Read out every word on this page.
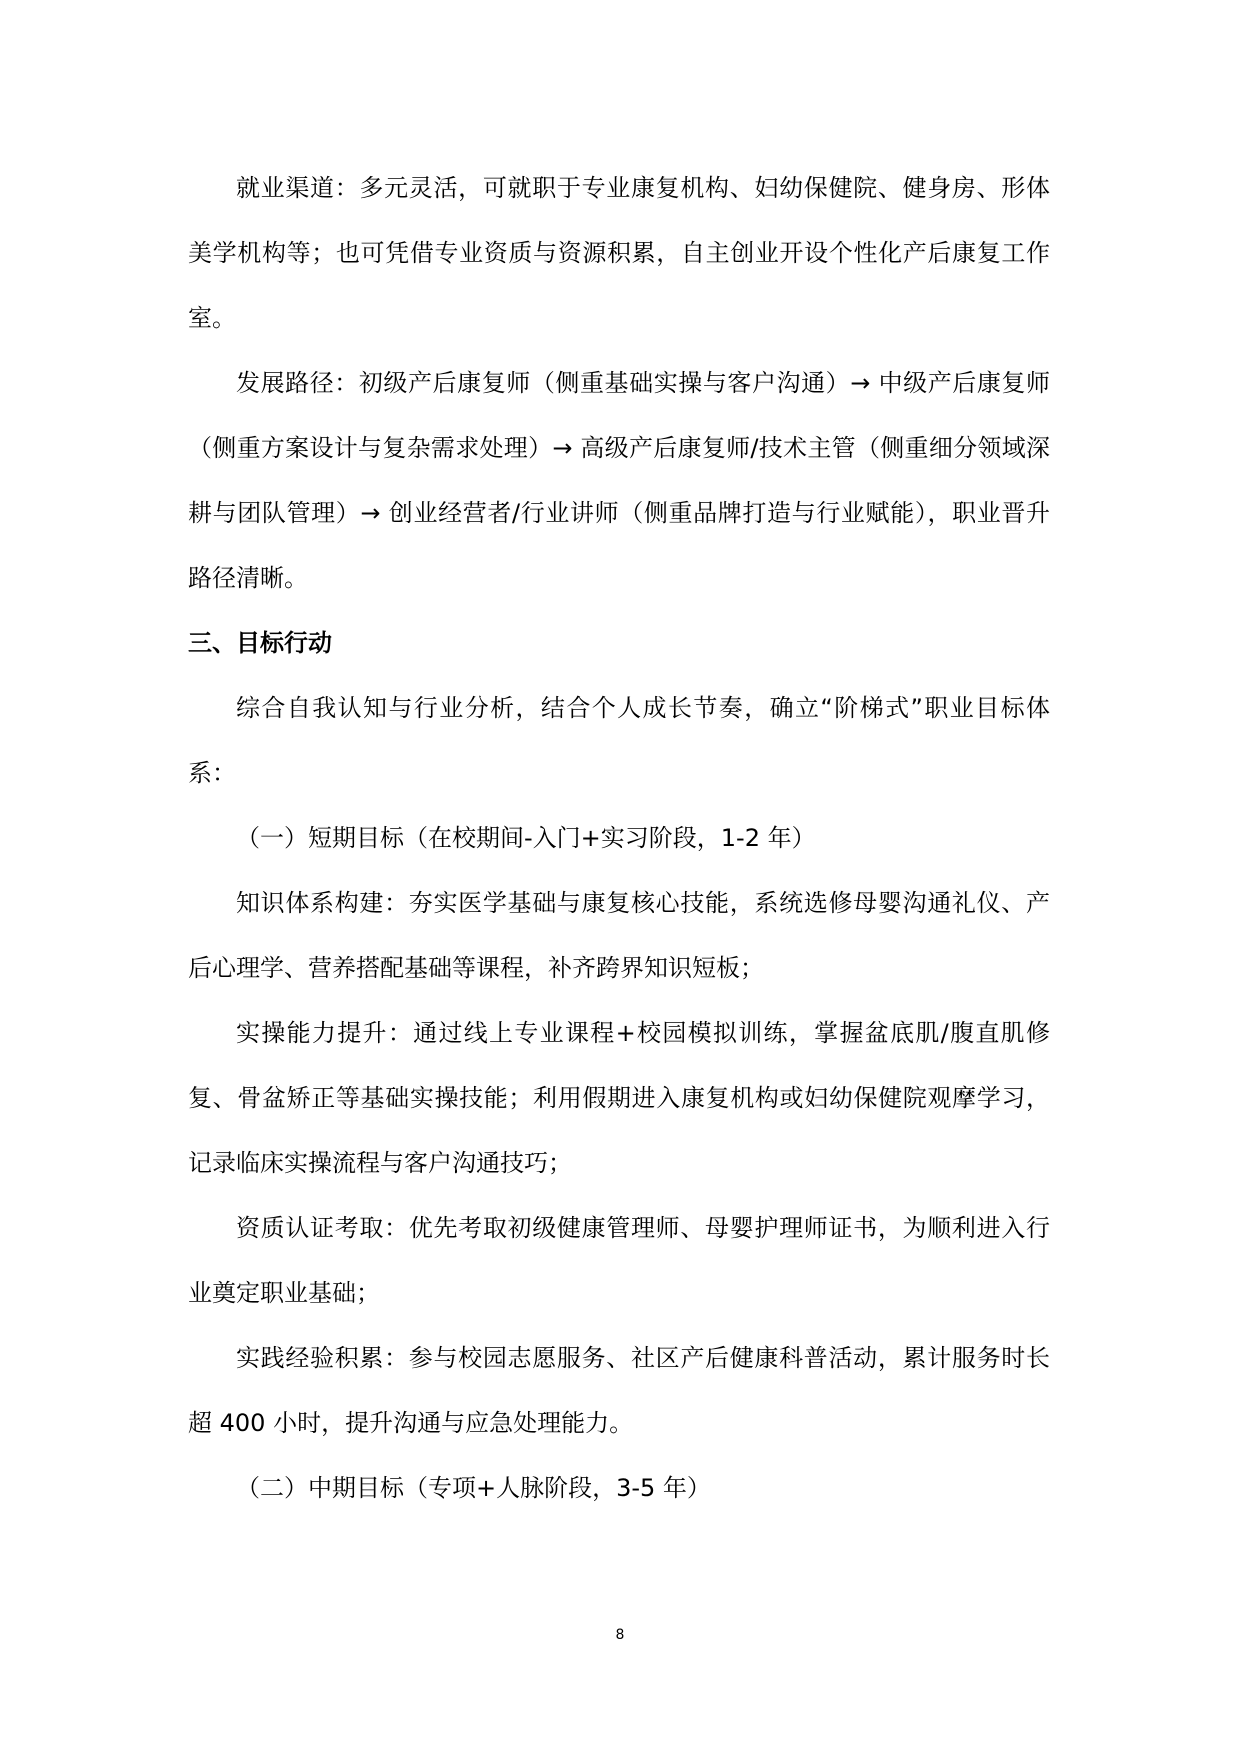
就业渠道：多元灵活，可就职于专业康复机构、妇幼保健院、健身房、形体美学机构等；也可凭借专业资质与资源积累，自主创业开设个性化产后康复工作室。

发展路径：初级产后康复师（侧重基础实操与客户沟通）→ 中级产后康复师（侧重方案设计与复杂需求处理）→ 高级产后康复师/技术主管（侧重细分领域深耕与团队管理）→ 创业经营者/行业讲师（侧重品牌打造与行业赋能），职业晋升路径清晰。

三、目标行动

综合自我认知与行业分析，结合个人成长节奏，确立“阶梯式”职业目标体系：

（一）短期目标（在校期间-入门+实习阶段，1-2 年）

知识体系构建：夯实医学基础与康复核心技能，系统选修母婴沟通礼仪、产后心理学、营养搭配基础等课程，补齐跨界知识短板；

实操能力提升：通过线上专业课程+校园模拟训练，掌握盆底肌/腹直肌修复、骨盆矫正等基础实操技能；利用假期进入康复机构或妇幼保健院观摩学习，记录临床实操流程与客户沟通技巧；

资质认证考取：优先考取初级健康管理师、母婴护理师证书，为顺利进入行业奠定职业基础；

实践经验积累：参与校园志愿服务、社区产后健康科普活动，累计服务时长超 400 小时，提升沟通与应急处理能力。

（二）中期目标（专项+人脉阶段，3-5 年）

8
